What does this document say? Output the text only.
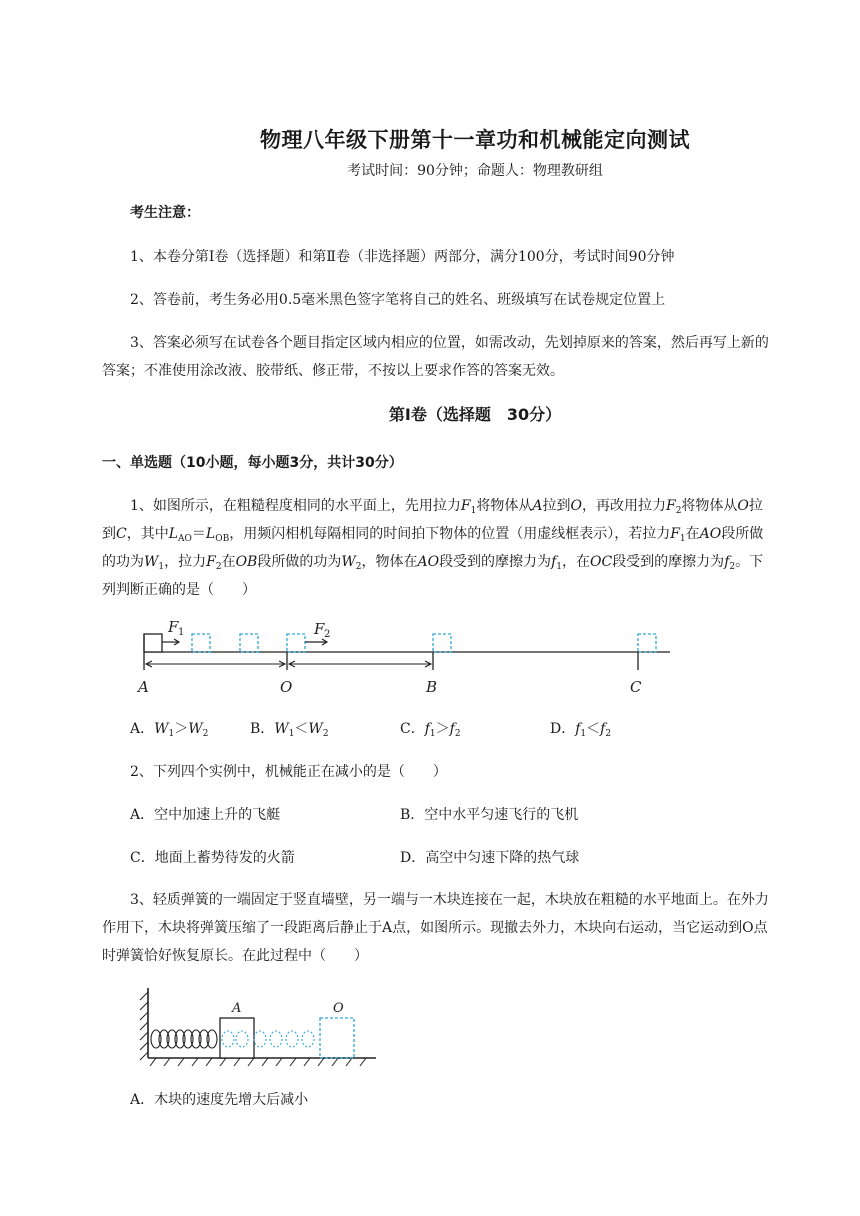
物理八年级下册第十一章功和机械能定向测试
考试时间：90分钟；命题人：物理教研组
考生注意：
1、本卷分第Ⅰ卷（选择题）和第Ⅱ卷（非选择题）两部分，满分100分，考试时间90分钟
2、答卷前，考生务必用0.5毫米黑色签字笔将自己的姓名、班级填写在试卷规定位置上
3、答案必须写在试卷各个题目指定区域内相应的位置，如需改动，先划掉原来的答案，然后再写上新的答案；不准使用涂改液、胶带纸、修正带，不按以上要求作答的答案无效。
第Ⅰ卷（选择题　30分）
一、单选题（10小题，每小题3分，共计30分）
1、如图所示，在粗糙程度相同的水平面上，先用拉力$F_1$将物体从A拉到O，再改用拉力$F_2$将物体从O拉到C，其中$L_{AO}=L_{OB}$，用频闪相机每隔相同的时间拍下物体的位置（用虚线框表示），若拉力$F_1$在AO段所做的功为$W_1$，拉力$F_2$在OB段所做的功为$W_2$，物体在AO段受到的摩擦力为$f_1$，在OC段受到的摩擦力为$f_2$。下列判断正确的是（　　）
F 1	F 2
A	O	B	C
A．$W_1>W_2$	B．$W_1<W_2$	C．$f_1>f_2$	D．$f_1<f_2$
2、下列四个实例中，机械能正在减小的是（　　）
A．空中加速上升的飞艇	B．空中水平匀速飞行的飞机
C．地面上蓄势待发的火箭	D．高空中匀速下降的热气球
3、轻质弹簧的一端固定于竖直墙壁，另一端与一木块连接在一起，木块放在粗糙的水平地面上。在外力作用下，木块将弹簧压缩了一段距离后静止于A点，如图所示。现撤去外力，木块向右运动，当它运动到O点时弹簧恰好恢复原长。在此过程中（　　）
A	O
A．木块的速度先增大后减小
